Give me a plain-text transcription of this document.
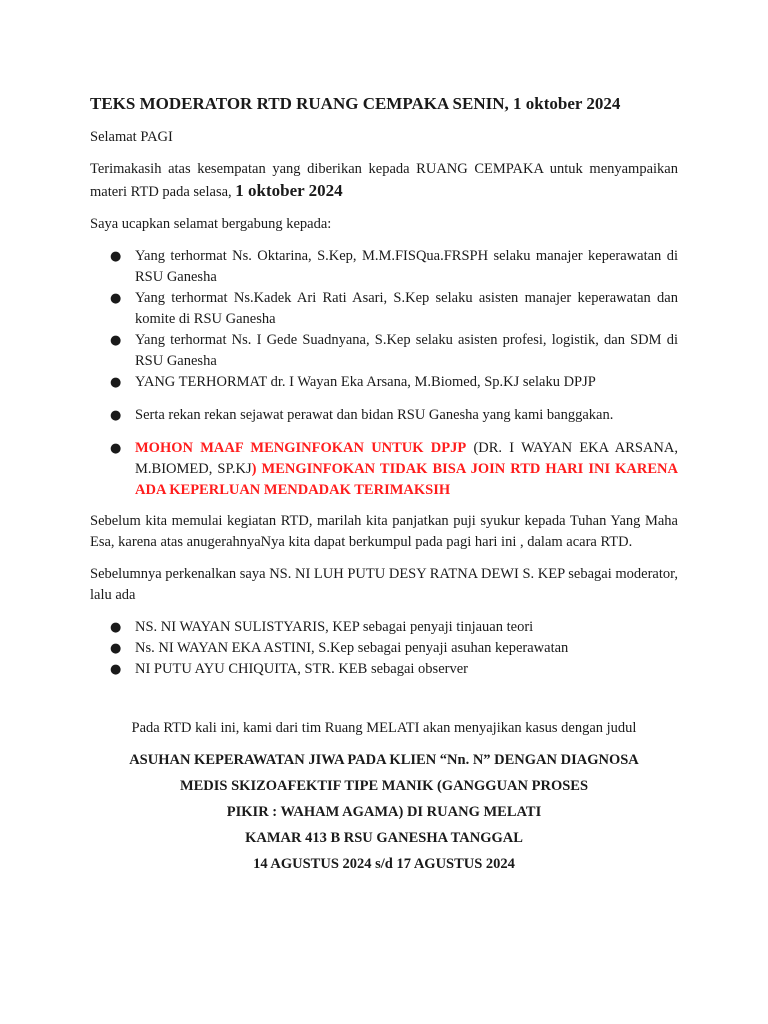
TEKS MODERATOR RTD RUANG CEMPAKA SENIN, 1 oktober 2024

Selamat PAGI

Terimakasih atas kesempatan yang diberikan kepada RUANG CEMPAKA untuk menyampaikan materi RTD pada selasa, 1 oktober 2024

Saya ucapkan selamat bergabung kepada:

● Yang terhormat Ns. Oktarina, S.Kep, M.M.FISQua.FRSPH selaku manajer keperawatan di RSU Ganesha
● Yang terhormat Ns.Kadek Ari Rati Asari, S.Kep selaku asisten manajer keperawatan dan komite di RSU Ganesha
● Yang terhormat Ns. I Gede Suadnyana, S.Kep selaku asisten profesi, logistik, dan SDM di RSU Ganesha
● YANG TERHORMAT dr. I Wayan Eka Arsana, M.Biomed, Sp.KJ selaku DPJP
● Serta rekan rekan sejawat perawat dan bidan RSU Ganesha yang kami banggakan.
● MOHON MAAF MENGINFOKAN UNTUK DPJP (DR. I WAYAN EKA ARSANA, M.BIOMED, SP.KJ) MENGINFOKAN TIDAK BISA JOIN RTD HARI INI KARENA ADA KEPERLUAN MENDADAK TERIMAKSIH

Sebelum kita memulai kegiatan RTD, marilah kita panjatkan puji syukur kepada Tuhan Yang Maha Esa, karena atas anugerahnyaNya kita dapat berkumpul pada pagi hari ini , dalam acara RTD.

Sebelumnya perkenalkan saya NS. NI LUH PUTU DESY RATNA DEWI S. KEP sebagai moderator, lalu ada

● NS. NI WAYAN SULISTYARIS, KEP sebagai penyaji tinjauan teori
● Ns. NI WAYAN EKA ASTINI, S.Kep sebagai penyaji asuhan keperawatan
● NI PUTU AYU CHIQUITA, STR. KEB sebagai observer

Pada RTD kali ini, kami dari tim Ruang MELATI akan menyajikan kasus dengan judul

ASUHAN KEPERAWATAN JIWA PADA KLIEN “Nn. N” DENGAN DIAGNOSA

MEDIS SKIZOAFEKTIF TIPE MANIK (GANGGUAN PROSES

PIKIR : WAHAM AGAMA) DI RUANG MELATI

KAMAR 413 B RSU GANESHA TANGGAL

14 AGUSTUS 2024 s/d 17 AGUSTUS 2024
